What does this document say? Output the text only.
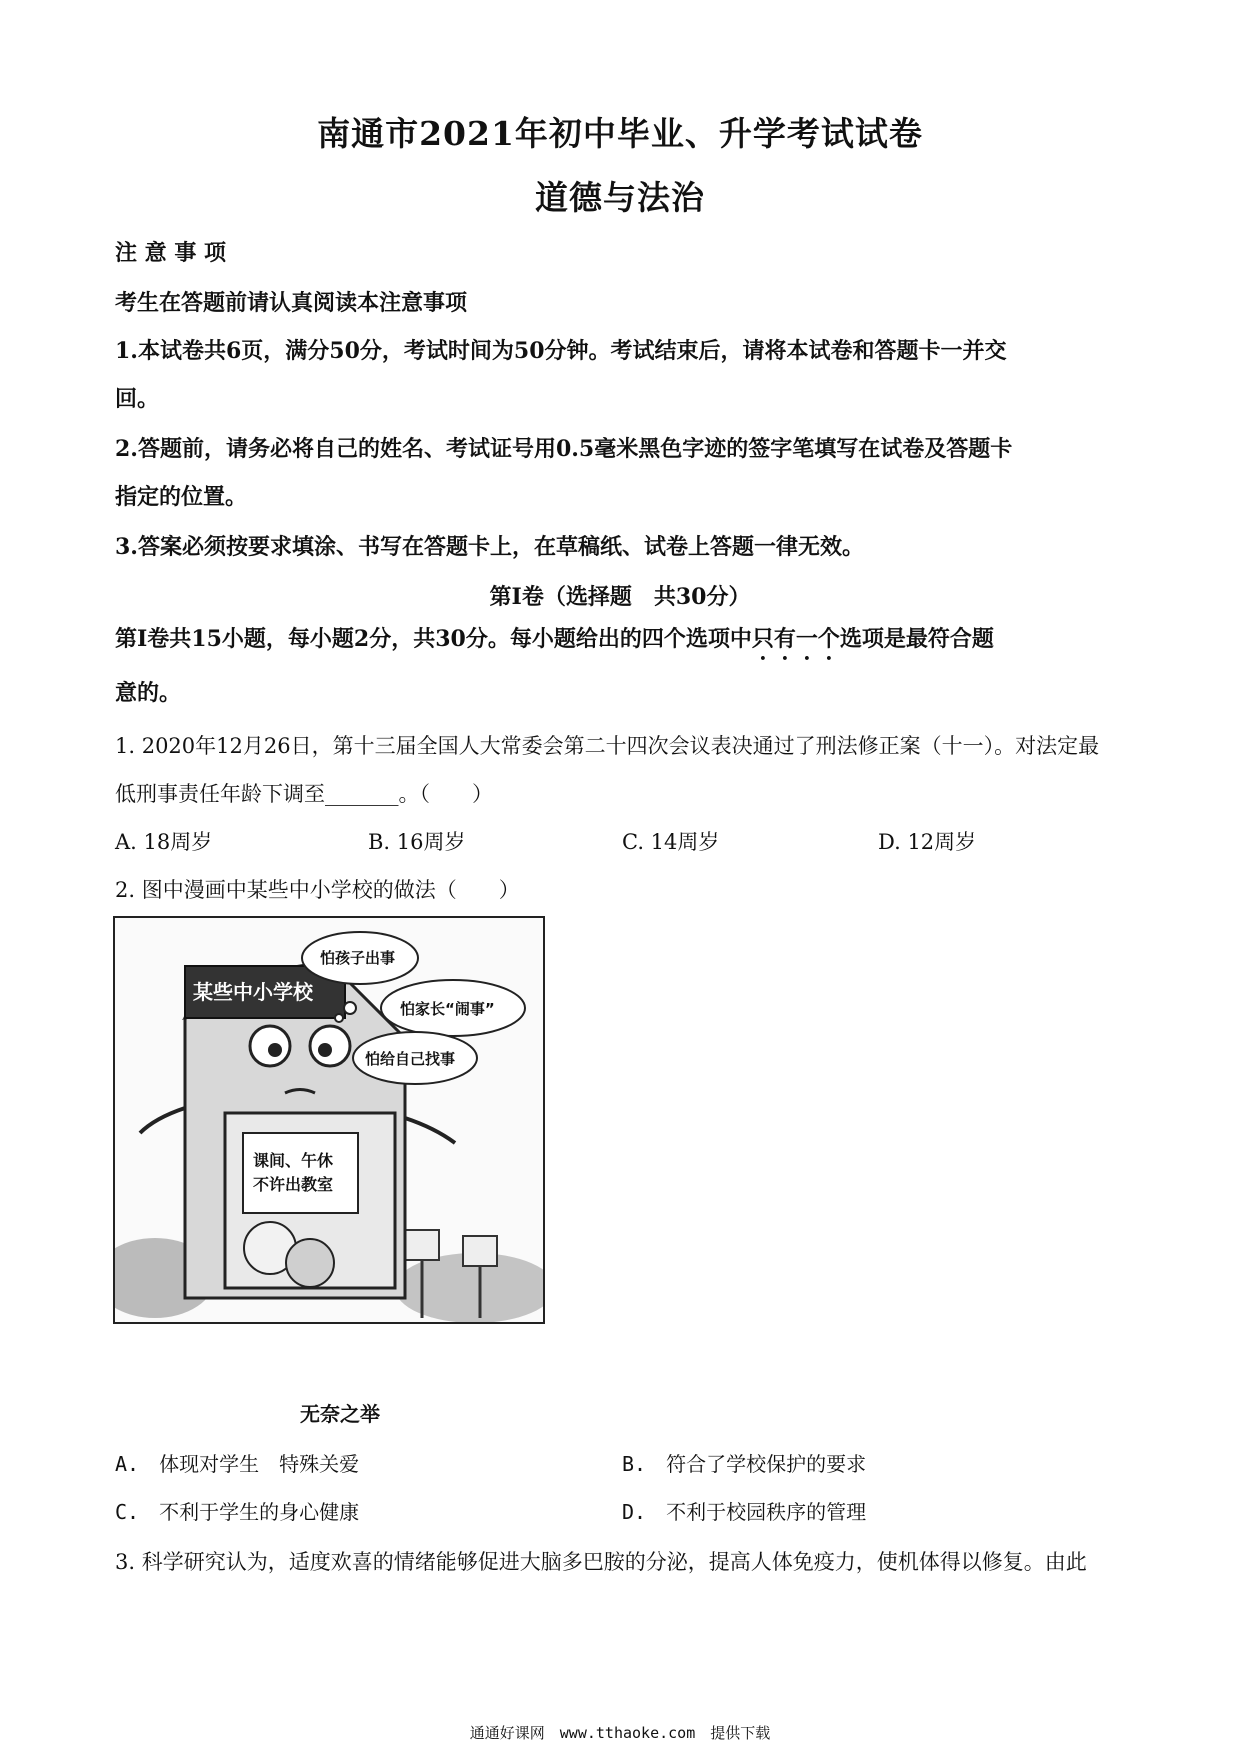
南通市2021年初中毕业、升学考试试卷
道德与法治
注 意 事 项
考生在答题前请认真阅读本注意事项
1.本试卷共6页，满分50分，考试时间为50分钟。考试结束后，请将本试卷和答题卡一并交
回。
2.答题前，请务必将自己的姓名、考试证号用0.5毫米黑色字迹的签字笔填写在试卷及答题卡
指定的位置。
3.答案必须按要求填涂、书写在答题卡上，在草稿纸、试卷上答题一律无效。
第Ⅰ卷（选择题　共30分）
第Ⅰ卷共15小题，每小题2分，共30分。每小题给出的四个选项中只有一个选项是最符合题
意的。
1. 2020年12月26日，第十三届全国人大常委会第二十四次会议表决通过了刑法修正案（十一）。对法定最
低刑事责任年龄下调至_______。（　　）
A. 18周岁	B. 16周岁	C. 14周岁	D. 12周岁
2. 图中漫画中某些中小学校的做法（　　）
某些中小学校
怕孩子出事
怕家长“闹事”
怕给自己找事
课间、午休
不许出教室
无奈之举
A.　体现对学生　特殊关爱	B.　符合了学校保护的要求
C.　不利于学生的身心健康	D.　不利于校园秩序的管理
3. 科学研究认为，适度欢喜的情绪能够促进大脑多巴胺的分泌，提高人体免疫力，使机体得以修复。由此
通通好课网　www.tthaoke.com　提供下载
